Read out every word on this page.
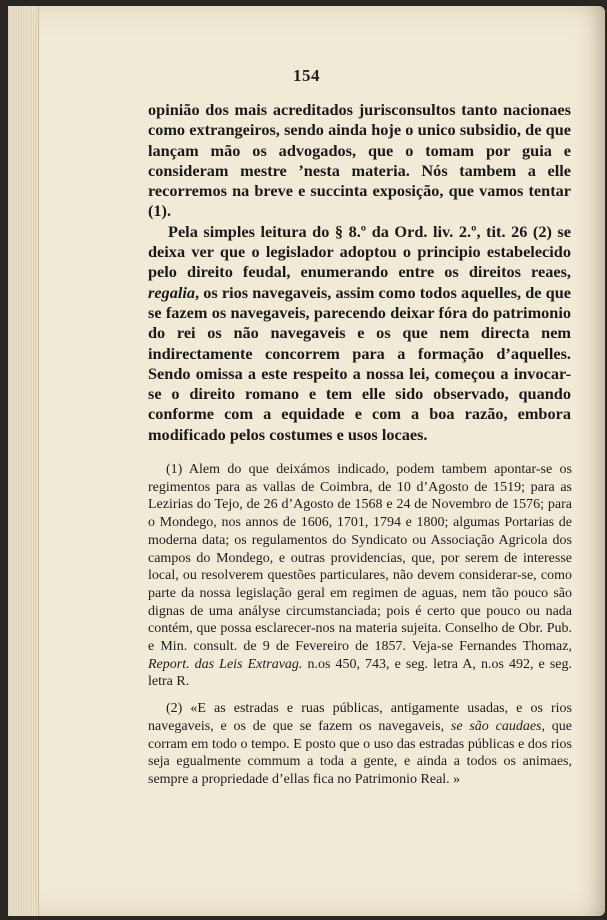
154

opinião dos mais acreditados jurisconsultos tanto nacionaes como extrangeiros, sendo ainda hoje o unico subsidio, de que lançam mão os advogados, que o tomam por guia e consideram mestre ’nesta materia. Nós tambem a elle recorremos na breve e succinta exposição, que vamos tentar (1).

Pela simples leitura do § 8.º da Ord. liv. 2.º, tit. 26 (2) se deixa ver que o legislador adoptou o principio estabelecido pelo direito feudal, enumerando entre os direitos reaes, regalia, os rios navegaveis, assim como todos aquelles, de que se fazem os navegaveis, parecendo deixar fóra do patrimonio do rei os não navegaveis e os que nem directa nem indirectamente concorrem para a formação d’aquelles. Sendo omissa a este respeito a nossa lei, começou a invocar-se o direito romano e tem elle sido observado, quando conforme com a equidade e com a boa razão, embora modificado pelos costumes e usos locaes.

(1) Alem do que deixámos indicado, podem tambem apontar-se os regimentos para as vallas de Coimbra, de 10 d’Agosto de 1519; para as Lezirias do Tejo, de 26 d’Agosto de 1568 e 24 de Novembro de 1576; para o Mondego, nos annos de 1606, 1701, 1794 e 1800; algumas Portarias de moderna data; os regulamentos do Syndicato ou Associação Agricola dos campos do Mondego, e outras providencias, que, por serem de interesse local, ou resolverem questões particulares, não devem considerar-se, como parte da nossa legislação geral em regimen de aguas, nem tão pouco são dignas de uma anályse circumstanciada; pois é certo que pouco ou nada contém, que possa esclarecer-nos na materia sujeita. Conselho de Obr. Pub. e Min. consult. de 9 de Fevereiro de 1857. Veja-se Fernandes Thomaz, Report. das Leis Extravag. n.os 450, 743, e seg. letra A, n.os 492, e seg. letra R.

(2) «E as estradas e ruas públicas, antigamente usadas, e os rios navegaveis, e os de que se fazem os navegaveis, se são caudaes, que corram em todo o tempo. E posto que o uso das estradas públicas e dos rios seja egualmente commum a toda a gente, e ainda a todos os animaes, sempre a propriedade d’ellas fica no Patrimonio Real. »
